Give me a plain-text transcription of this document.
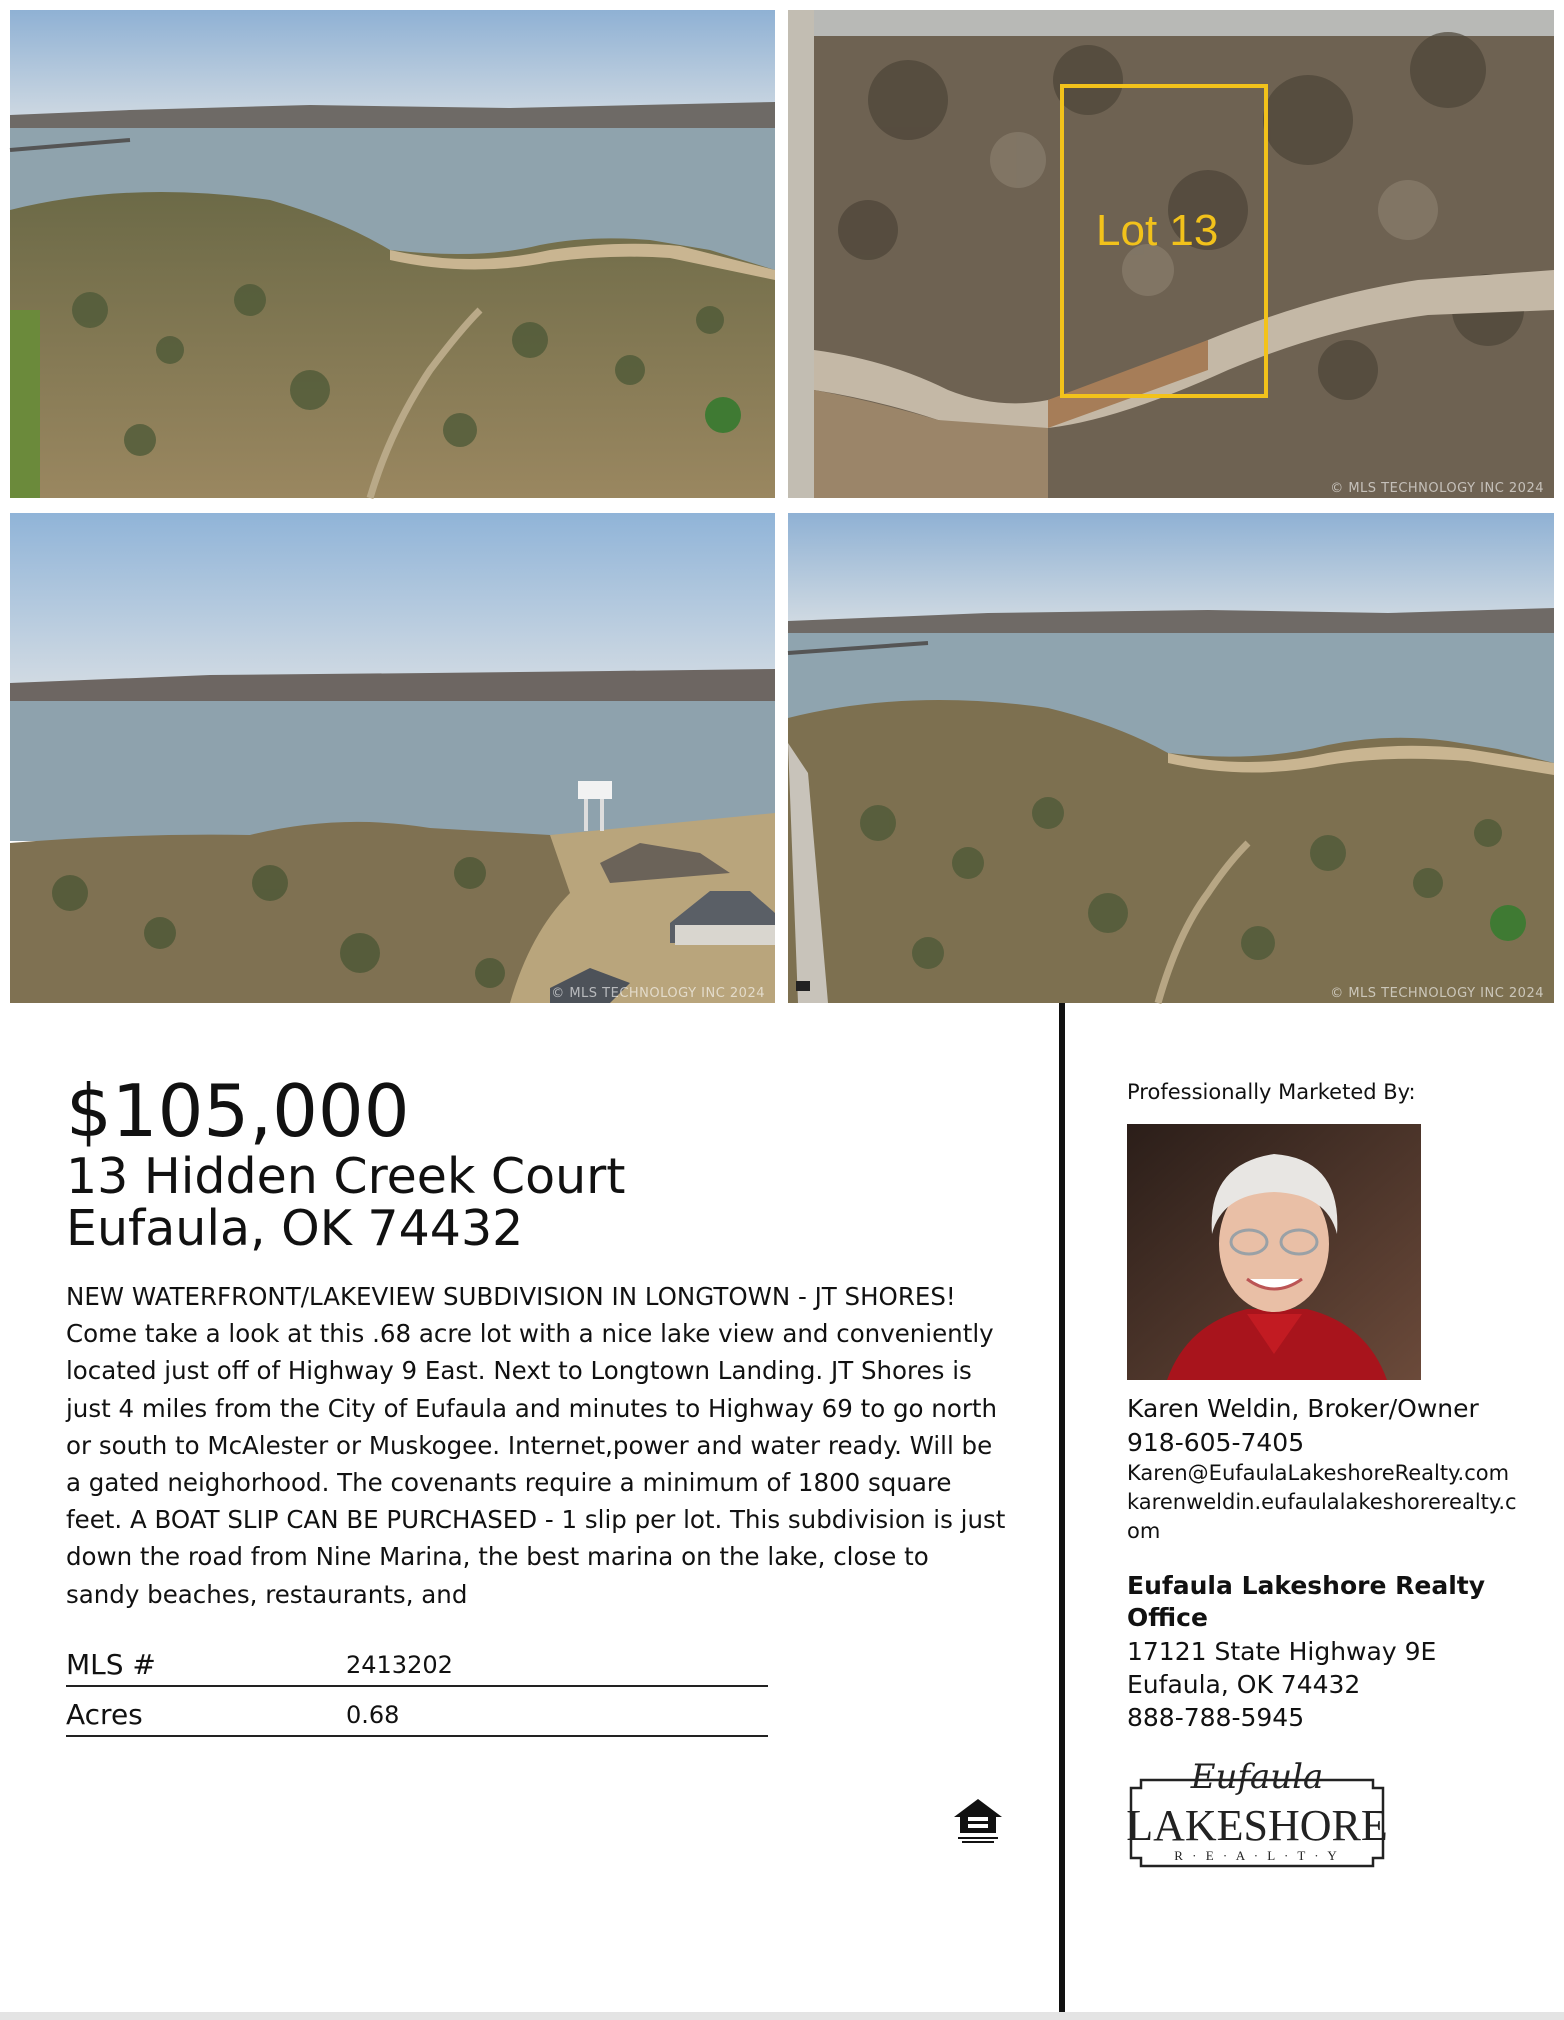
Lot 13
© MLS TECHNOLOGY INC 2024
© MLS TECHNOLOGY INC 2024	© MLS TECHNOLOGY INC 2024
$105,000
13 Hidden Creek Court
Eufaula, OK 74432
NEW WATERFRONT/LAKEVIEW SUBDIVISION IN LONGTOWN - JT SHORES! Come take a look at this .68 acre lot with a nice lake view and conveniently located just off of Highway 9 East. Next to Longtown Landing. JT Shores is just 4 miles from the City of Eufaula and minutes to Highway 69 to go north or south to McAlester or Muskogee. Internet,power and water ready. Will be a gated neighorhood. The covenants require a minimum of 1800 square feet. A BOAT SLIP CAN BE PURCHASED - 1 slip per lot. This subdivision is just down the road from Nine Marina, the best marina on the lake, close to sandy beaches, restaurants, and
MLS #	2413202
Acres	0.68
Professionally Marketed By:
Karen Weldin, Broker/Owner
918-605-7405
Karen@EufaulaLakeshoreRealty.com
karenweldin.eufaulalakeshorerealty.com
Eufaula Lakeshore Realty Office
17121 State Highway 9E
Eufaula, OK 74432
888-788-5945
Eufaula
LAKESHORE
R · E · A · L · T · Y
